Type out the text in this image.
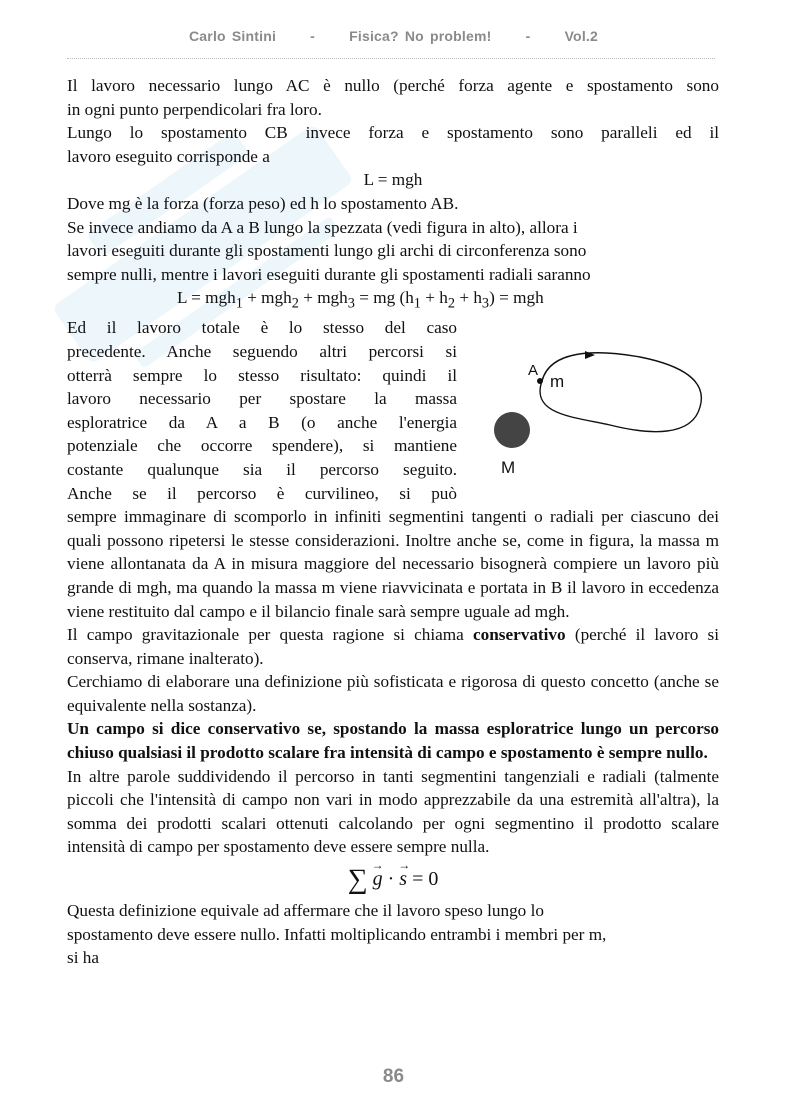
Carlo Sintini - Fisica? No problem! - Vol.2

Il lavoro necessario lungo AC è nullo (perché forza agente e spostamento sono

in ogni punto perpendicolari fra loro.

Lungo lo spostamento CB invece forza e spostamento sono paralleli ed il

lavoro eseguito corrisponde a

L = mgh

Dove mg è la forza (forza peso) ed h lo spostamento AB.

Se invece andiamo da A a B lungo la spezzata (vedi figura in alto), allora i

lavori eseguiti durante gli spostamenti lungo gli archi di circonferenza sono

sempre nulli, mentre i lavori eseguiti durante gli spostamenti radiali saranno

L = mgh$_1$ + mgh$_2$ + mgh$_3$ = mg $(h_1 + h_2 + h_3)$ = mgh

Ed il lavoro totale è lo stesso del caso

precedente. Anche seguendo altri percorsi si

otterrà sempre lo stesso risultato: quindi il

lavoro necessario per spostare la massa

esploratrice da A a B (o anche l'energia

potenziale che occorre spendere), si mantiene

costante qualunque sia il percorso seguito.

Anche se il percorso è curvilineo, si può

sempre immaginare di scomporlo in infiniti segmentini tangenti o radiali per ciascuno dei quali possono ripetersi le stesse considerazioni. Inoltre anche se, come in figura, la massa m viene allontanata da A in misura maggiore del necessario bisognerà compiere un lavoro più grande di mgh, ma quando la massa m viene riavvicinata e portata in B il lavoro in eccedenza viene restituito dal campo e il bilancio finale sarà sempre uguale ad mgh.

Il campo gravitazionale per questa ragione si chiama conservativo (perché il lavoro si conserva, rimane inalterato).

Cerchiamo di elaborare una definizione più sofisticata e rigorosa di questo concetto (anche se equivalente nella sostanza).

Un campo si dice conservativo se, spostando la massa esploratrice lungo un percorso chiuso qualsiasi il prodotto scalare fra intensità di campo e spostamento è sempre nullo.

In altre parole suddividendo il percorso in tanti segmentini tangenziali e radiali (talmente piccoli che l'intensità di campo non vari in modo apprezzabile da una estremità all'altra), la somma dei prodotti scalari ottenuti calcolando per ogni segmentino il prodotto scalare intensità di campo per spostamento deve essere sempre nulla.

∑ → g · → s = 0

Questa definizione equivale ad affermare che il lavoro speso lungo lo

spostamento deve essere nullo. Infatti moltiplicando entrambi i membri per m,

si ha

A
m
M
86
